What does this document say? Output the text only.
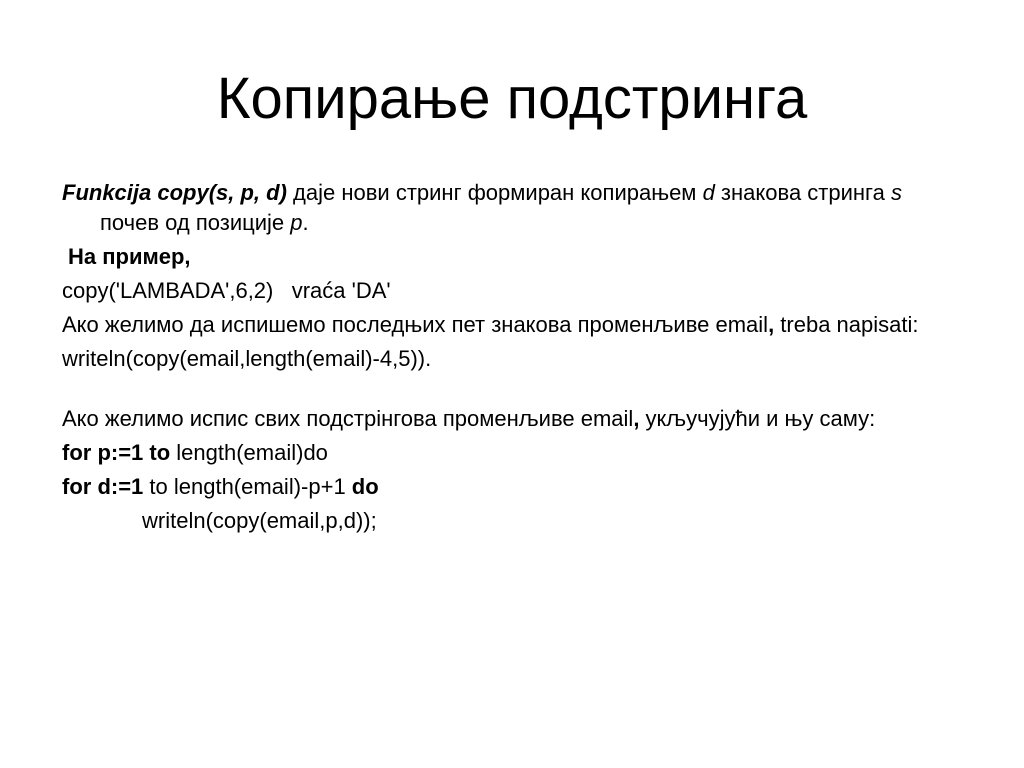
Копирање подстринга

Funkcija copy(s, p, d) даје нови стринг формиран копирањем d знакова стринга s почев од позиције p.

На пример,

copy('LAMBADA',6,2) vraća 'DA'

Ако желимо да испишемо последњих пет знакова променљиве email, treba napisati:

writeln(copy(email,length(email)-4,5)).

Ако желимо испис свих подстрінгова променљиве email, укључујући и њу саму:

for p:=1 to length(email)do

for d:=1 to length(email)-p+1 do

writeln(copy(email,p,d));
